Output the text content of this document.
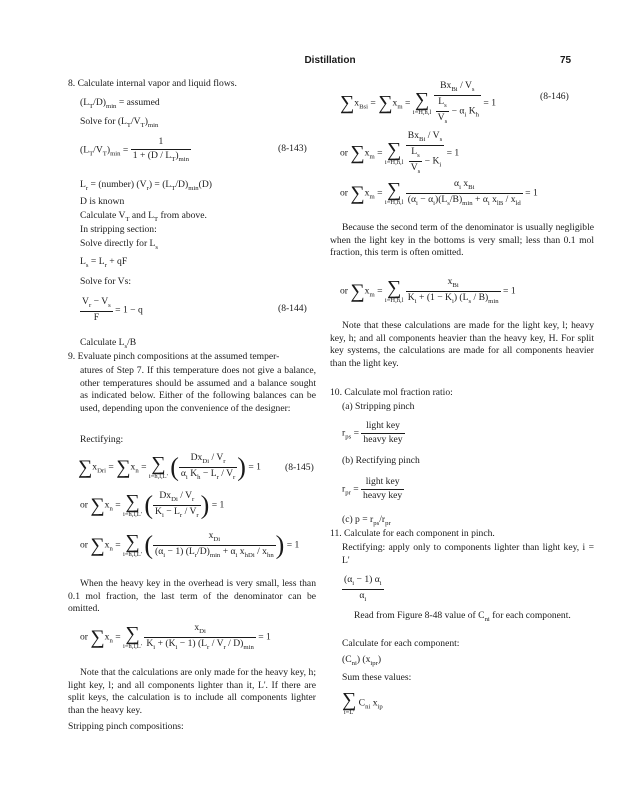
Distillation	75
8. Calculate internal vapor and liquid flows.
$(L_T/D)_{min}$ = assumed
Solve for $(L_T/V_T)_{min}$
$(L_T/V_T)_{min} = \frac{1}{1 + (D / L_T)_{min}}$	(8-143)
$L_r$ = (number) $(V_r) = (L_T/D)_{min}(D)$
D is known
Calculate $V_T$ and $L_T$ from above.
In stripping section:
Solve directly for $L_s$
$L_s = L_r$ + qF
Solve for Vs:
$\frac{V_r - V_s}{F} = 1 - q$	(8-144)
Calculate $L_s/B$
9. Evaluate pinch compositions at the assumed temper-
atures of Step 7. If this temperature does not give a balance, other temperatures should be assumed and a balance sought as indicated below. Either of the following balances can be used, depending upon the convenience of the designer:
Rectifying:
$\sum x_{Dri} = \sum x_n$ = ∑
i=h,l,L' ( $\frac{Dx_{Di} / V_r}{\alpha_i K_h - L_r / V_r}$ ) = 1	(8-145)
or $\sum x_n$ = ∑
i=h,l,L' ( $\frac{Dx_{Di} / V_r}{K_i - L_r / V_r}$ ) = 1
or $\sum x_n$ = ∑
i=h,l,L' ( $\frac{x_{Di}}{(\alpha_i - 1) (L_r/D)_{min} + \alpha_i x_{hDi} / x_{hn}}$ ) = 1
When the heavy key in the overhead is very small, less than 0.1 mol fraction, the last term of the denominator can be omitted.
or $\sum x_n$ = ∑
i=h,l,L'
$\frac{x_{Di}}{K_i + (K_i - 1) (L_r / V_r / D)_{min}} = 1$
Note that the calculations are only made for the heavy key, h; light key, l; and all components lighter than it, L'. If there are split keys, the calculation is to include all components lighter than the heavy key.
Stripping pinch compositions:
$\sum x_{Bsi} = \sum x_m$ = ∑
i=H,h,l
$\frac{Bx_{Bi} / V_s}{\frac{L_s}{V_s} - \alpha_i K_h} = 1$
(8-146)
or $\sum x_m$ = ∑
i=H,h,l
$\frac{Bx_{Bi} / V_s}{\frac{L_s}{V_s} - K_i} = 1$
or $\sum x_m$ = ∑
i=H,h,l
$\frac{\alpha_i x_{Bi}}{(\alpha_i - \alpha_i)(L_s/B)_{min} + \alpha_i x_{lB} / x_{ld}} = 1$
Because the second term of the denominator is usually negligible when the light key in the bottoms is very small; less than 0.1 mol fraction, this term is often omitted.
or $\sum x_m$ = ∑
i=H,h,l
$\frac{x_{Bi}}{K_i + (1 - K_i) (L_s / B)_{min}} = 1$
Note that these calculations are made for the light key, l; heavy key, h; and all components heavier than the heavy key, H. For split key systems, the calculations are made for all components heavier than the light key.
10. Calculate mol fraction ratio:
(a) Stripping pinch
$r_{ps} = \frac{\text{light key}}{\text{heavy key}}$
(b) Rectifying pinch
$r_{pr} = \frac{\text{light key}}{\text{heavy key}}$
(c) $p = r_{ps}/r_{pr}$
11. Calculate for each component in pinch.
Rectifying: apply only to components lighter than light key, i = L'
$\frac{(\alpha_i - 1) \alpha_i}{\alpha_i}$
Read from Figure 8-48 value of $C_{ni}$ for each component.
Calculate for each component:
$(C_{ni})$ $(x_{ipr})$
Sum these values:
∑
i=L'
$C_{ni}$ $x_{ip}$
